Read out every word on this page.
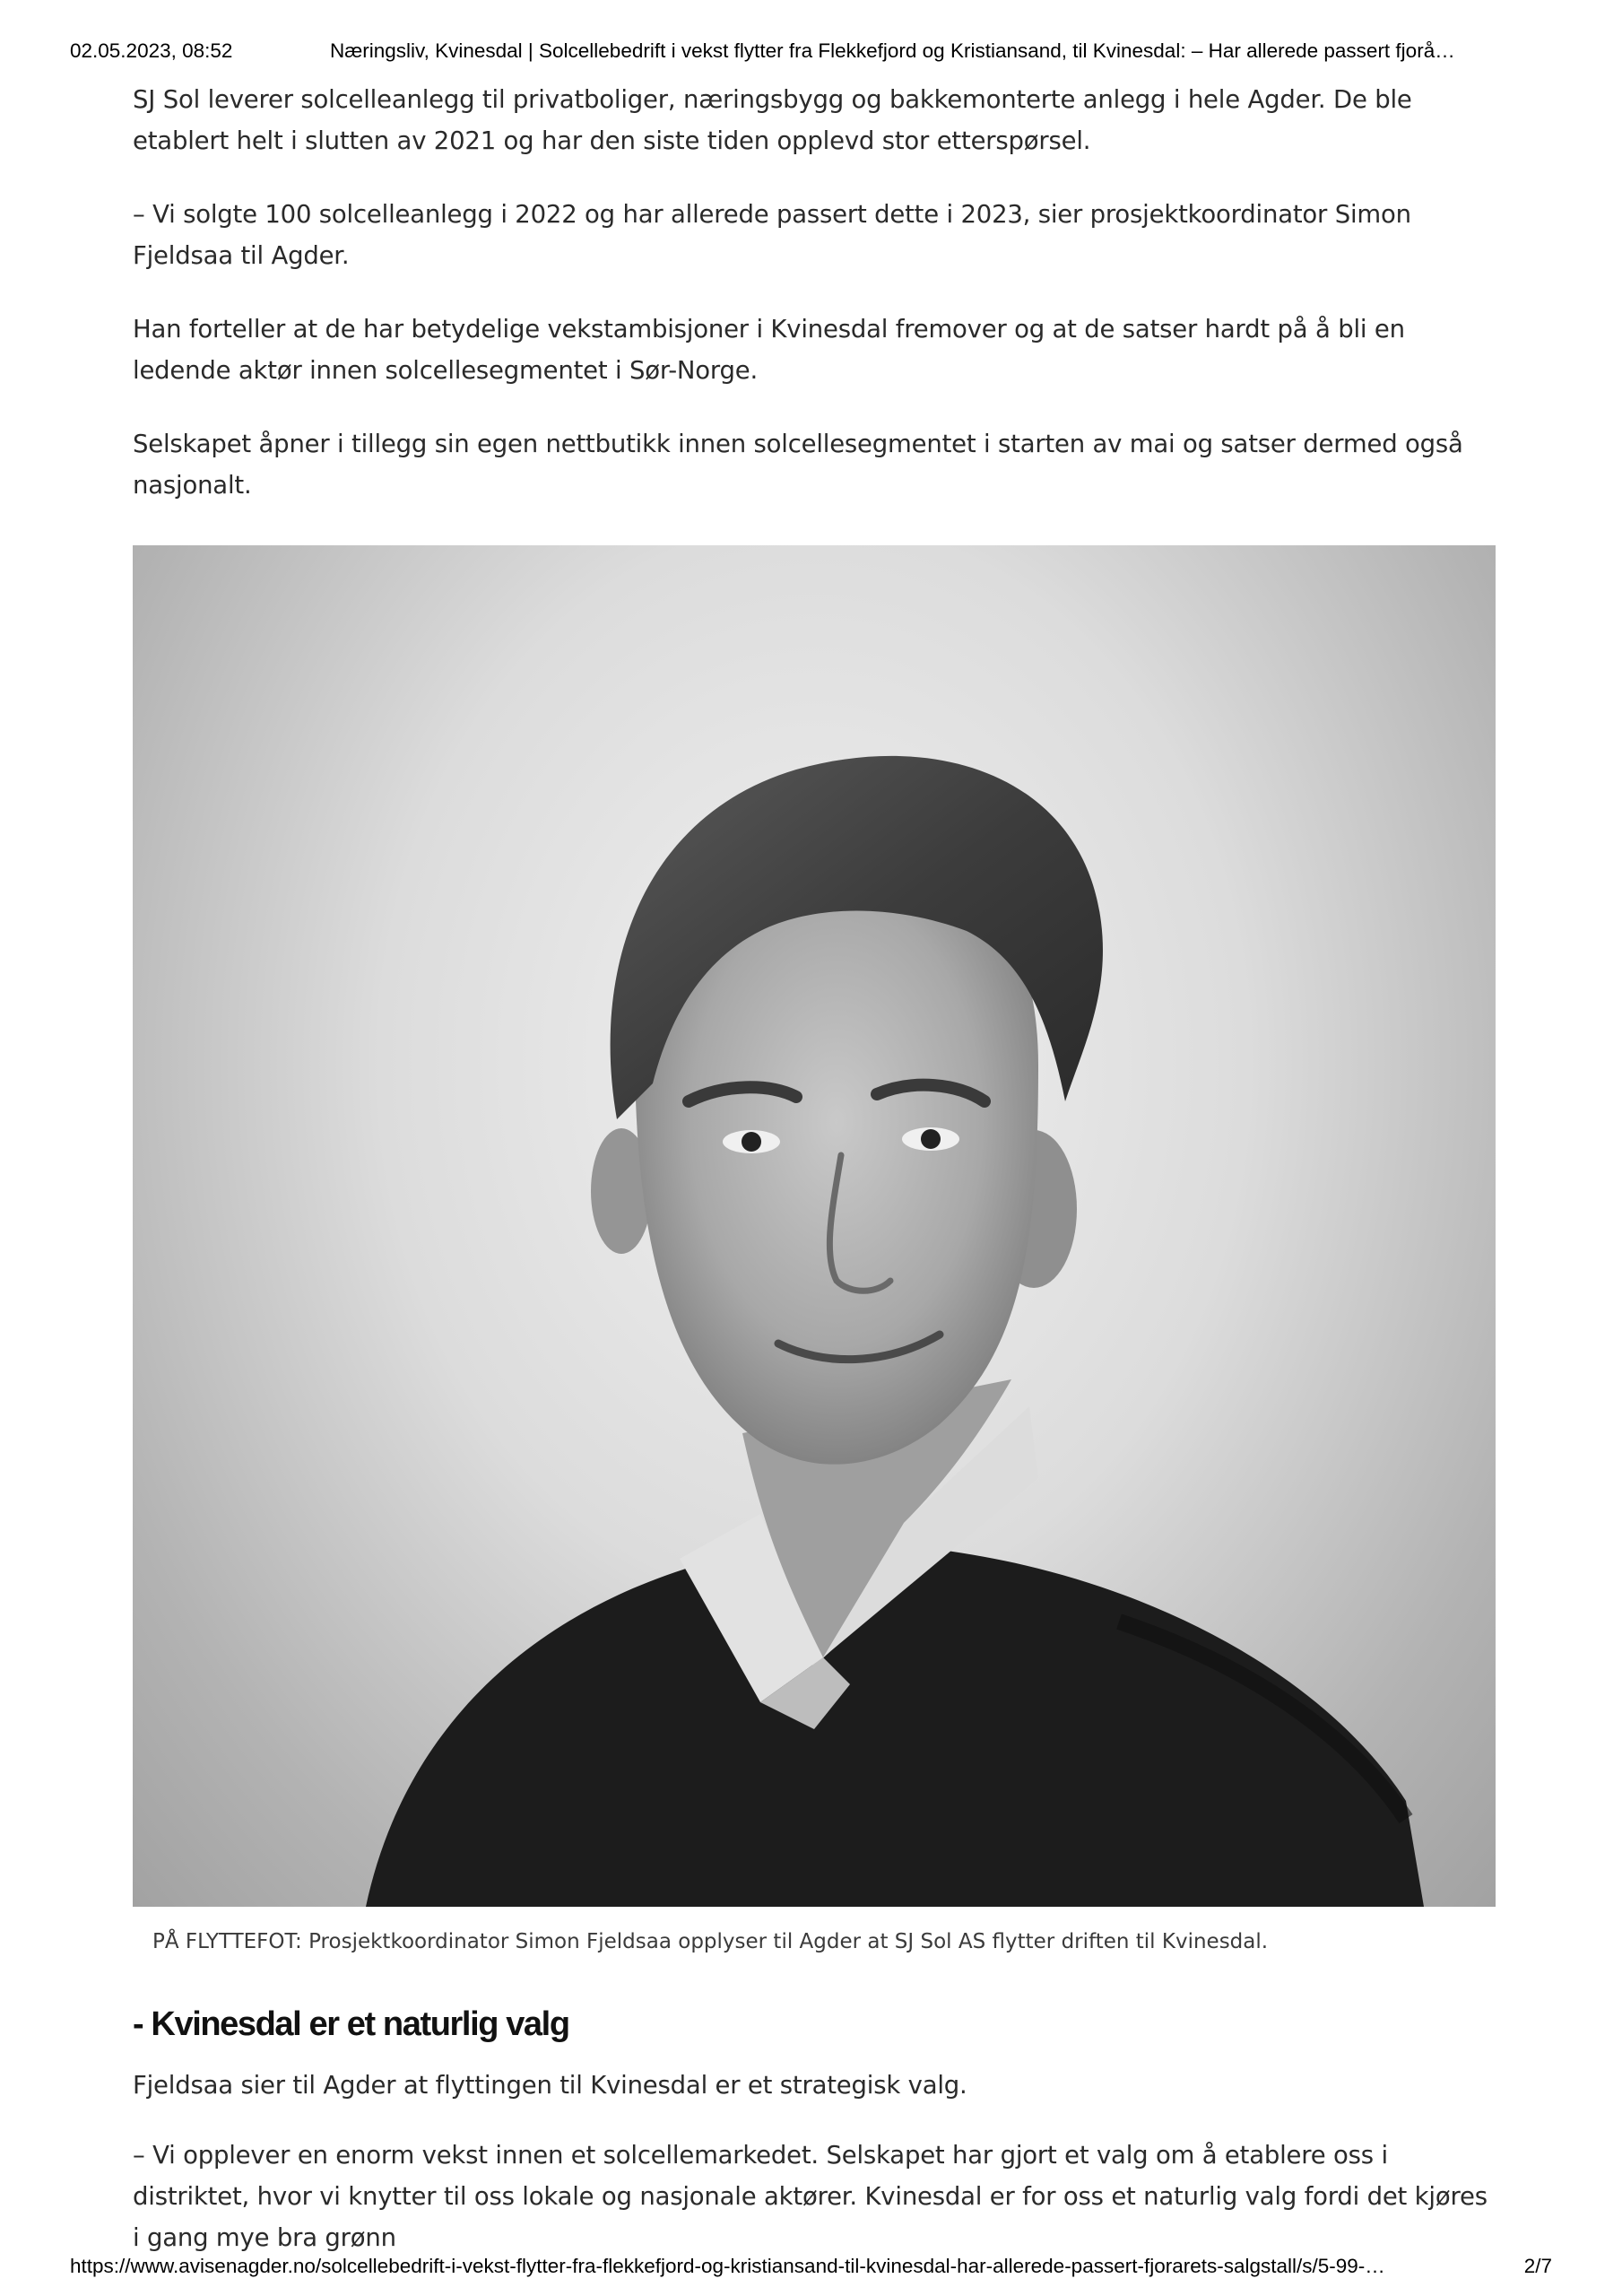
02.05.2023, 08:52	Næringsliv, Kvinesdal | Solcellebedrift i vekst flytter fra Flekkefjord og Kristiansand, til Kvinesdal: – Har allerede passert fjorå…

SJ Sol leverer solcelleanlegg til privatboliger, næringsbygg og bakkemonterte anlegg i hele Agder. De ble etablert helt i slutten av 2021 og har den siste tiden opplevd stor etterspørsel.

– Vi solgte 100 solcelleanlegg i 2022 og har allerede passert dette i 2023, sier prosjektkoordinator Simon Fjeldsaa til Agder.

Han forteller at de har betydelige vekstambisjoner i Kvinesdal fremover og at de satser hardt på å bli en ledende aktør innen solcellesegmentet i Sør-Norge.

Selskapet åpner i tillegg sin egen nettbutikk innen solcellesegmentet i starten av mai og satser dermed også nasjonalt.

PÅ FLYTTEFOT: Prosjektkoordinator Simon Fjeldsaa opplyser til Agder at SJ Sol AS flytter driften til Kvinesdal.
- Kvinesdal er et naturlig valg

Fjeldsaa sier til Agder at flyttingen til Kvinesdal er et strategisk valg.

– Vi opplever en enorm vekst innen et solcellemarkedet. Selskapet har gjort et valg om å etablere oss i distriktet, hvor vi knytter til oss lokale og nasjonale aktører. Kvinesdal er for oss et naturlig valg fordi det kjøres i gang mye bra grønn

https://www.avisenagder.no/solcellebedrift-i-vekst-flytter-fra-flekkefjord-og-kristiansand-til-kvinesdal-har-allerede-passert-fjorarets-salgstall/s/5-99-…	2/7
